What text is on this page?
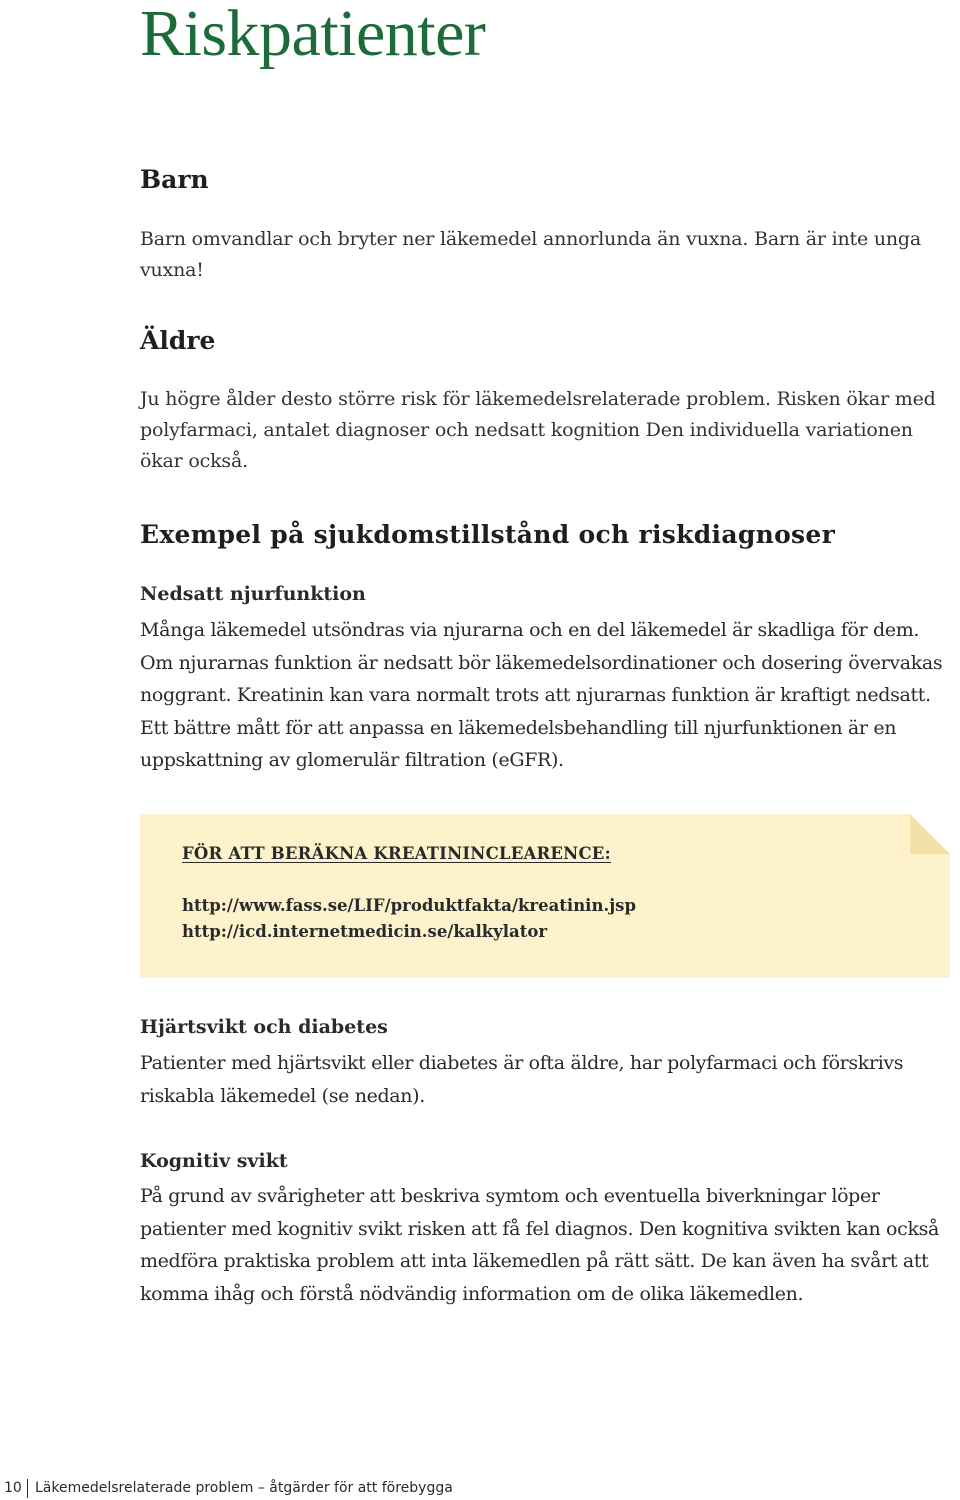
Riskpatienter
Barn

Barn omvandlar och bryter ner läkemedel annorlunda än vuxna. Barn är inte unga vuxna!

Äldre

Ju högre ålder desto större risk för läkemedelsrelaterade problem. Risken ökar med polyfarmaci, antalet diagnoser och nedsatt kognition Den individuella variationen ökar också.

Exempel på sjukdomstillstånd och riskdiagnoser
Nedsatt njurfunktion

Många läkemedel utsöndras via njurarna och en del läkemedel är skadliga för dem. Om njurarnas funktion är nedsatt bör läkemedelsordinationer och dosering övervakas noggrant. Kreatinin kan vara normalt trots att njurarnas funktion är kraftigt nedsatt. Ett bättre mått för att anpassa en läkemedelsbehandling till njurfunktionen är en uppskattning av glomerulär filtration (eGFR).

FÖR ATT BERÄKNA KREATININCLEARENCE:

http://www.fass.se/LIF/produktfakta/kreatinin.jsp
http://icd.internetmedicin.se/kalkylator
Hjärtsvikt och diabetes

Patienter med hjärtsvikt eller diabetes är ofta äldre, har polyfarmaci och förskrivs riskabla läkemedel (se nedan).

Kognitiv svikt

På grund av svårigheter att beskriva symtom och eventuella biverkningar löper patienter med kognitiv svikt risken att få fel diagnos. Den kognitiva svikten kan också medföra praktiska problem att inta läkemedlen på rätt sätt. De kan även ha svårt att komma ihåg och förstå nödvändig information om de olika läkemedlen.

10 Läkemedelsrelaterade problem – åtgärder för att förebygga
